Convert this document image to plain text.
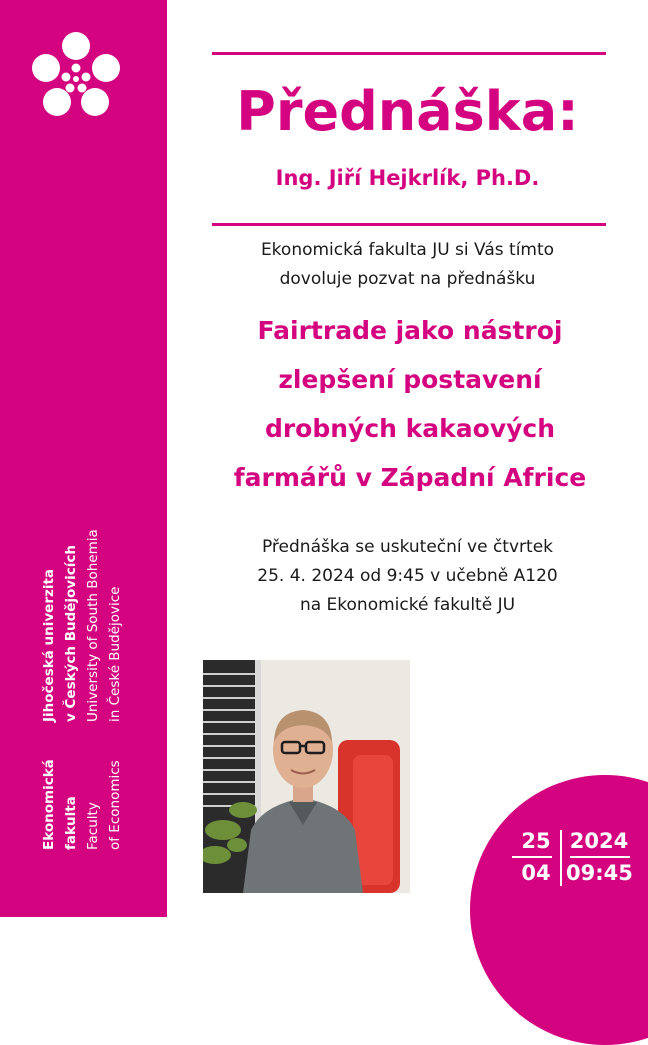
Jihočeská univerzita v Českých Budějovicích University of South Bohemia in České Budějovice
Ekonomická fakulta Faculty of Economics
Přednáška:
Ing. Jiří Hejkrlík, Ph.D.
Ekonomická fakulta JU si Vás tímto
dovoluje pozvat na přednášku
Fairtrade jako nástroj
zlepšení postavení
drobných kakaových
farmářů v Západní Africe
Přednáška se uskuteční ve čtvrtek
25. 4. 2024 od 9:45 v učebně A120
na Ekonomické fakultě JU
25
04
2024
09:45
